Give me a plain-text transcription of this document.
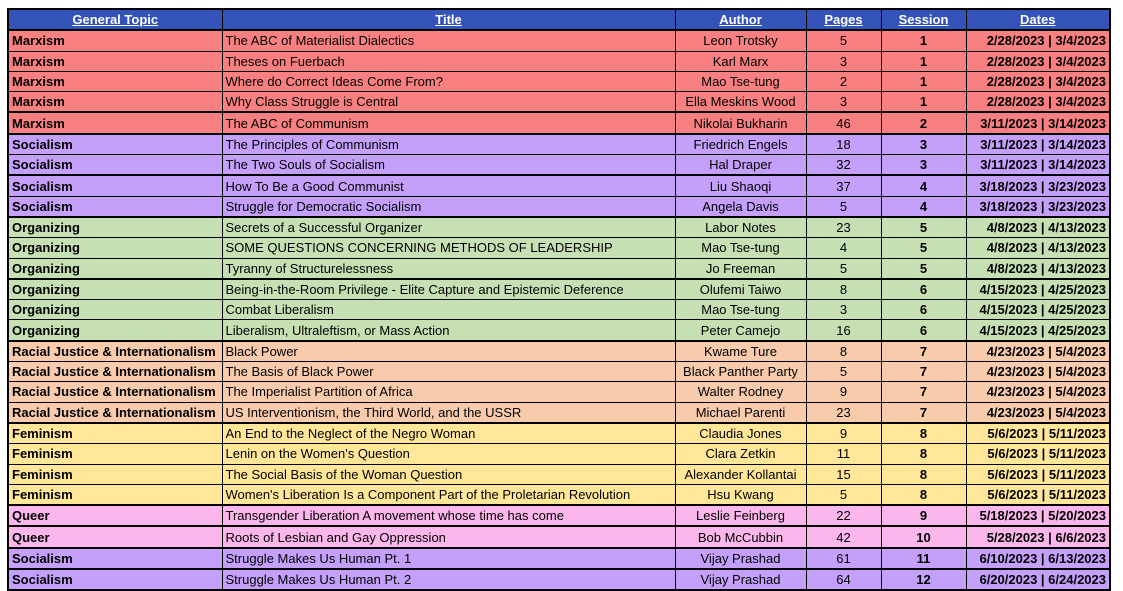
General Topic	Title	Author	Pages	Session	Dates
Marxism	The ABC of Materialist Dialectics	Leon Trotsky	5	1	2/28/2023 | 3/4/2023
Marxism	Theses on Fuerbach	Karl Marx	3	1	2/28/2023 | 3/4/2023
Marxism	Where do Correct Ideas Come From?	Mao Tse-tung	2	1	2/28/2023 | 3/4/2023
Marxism	Why Class Struggle is Central	Ella Meskins Wood	3	1	2/28/2023 | 3/4/2023
Marxism	The ABC of Communism	Nikolai Bukharin	46	2	3/11/2023 | 3/14/2023
Socialism	The Principles of Communism	Friedrich Engels	18	3	3/11/2023 | 3/14/2023
Socialism	The Two Souls of Socialism	Hal Draper	32	3	3/11/2023 | 3/14/2023
Socialism	How To Be a Good Communist	Liu Shaoqi	37	4	3/18/2023 | 3/23/2023
Socialism	Struggle for Democratic Socialism	Angela Davis	5	4	3/18/2023 | 3/23/2023
Organizing	Secrets of a Successful Organizer	Labor Notes	23	5	4/8/2023 | 4/13/2023
Organizing	SOME QUESTIONS CONCERNING METHODS OF LEADERSHIP	Mao Tse-tung	4	5	4/8/2023 | 4/13/2023
Organizing	Tyranny of Structurelessness	Jo Freeman	5	5	4/8/2023 | 4/13/2023
Organizing	Being-in-the-Room Privilege - Elite Capture and Epistemic Deference	Olufemi Taiwo	8	6	4/15/2023 | 4/25/2023
Organizing	Combat Liberalism	Mao Tse-tung	3	6	4/15/2023 | 4/25/2023
Organizing	Liberalism, Ultraleftism, or Mass Action	Peter Camejo	16	6	4/15/2023 | 4/25/2023
Racial Justice & Internationalism	Black Power	Kwame Ture	8	7	4/23/2023 | 5/4/2023
Racial Justice & Internationalism	The Basis of Black Power	Black Panther Party	5	7	4/23/2023 | 5/4/2023
Racial Justice & Internationalism	The Imperialist Partition of Africa	Walter Rodney	9	7	4/23/2023 | 5/4/2023
Racial Justice & Internationalism	US Interventionism, the Third World, and the USSR	Michael Parenti	23	7	4/23/2023 | 5/4/2023
Feminism	An End to the Neglect of the Negro Woman	Claudia Jones	9	8	5/6/2023 | 5/11/2023
Feminism	Lenin on the Women's Question	Clara Zetkin	11	8	5/6/2023 | 5/11/2023
Feminism	The Social Basis of the Woman Question	Alexander Kollantai	15	8	5/6/2023 | 5/11/2023
Feminism	Women's Liberation Is a Component Part of the Proletarian Revolution	Hsu Kwang	5	8	5/6/2023 | 5/11/2023
Queer	Transgender Liberation A movement whose time has come	Leslie Feinberg	22	9	5/18/2023 | 5/20/2023
Queer	Roots of Lesbian and Gay Oppression	Bob McCubbin	42	10	5/28/2023 | 6/6/2023
Socialism	Struggle Makes Us Human Pt. 1	Vijay Prashad	61	11	6/10/2023 | 6/13/2023
Socialism	Struggle Makes Us Human Pt. 2	Vijay Prashad	64	12	6/20/2023 | 6/24/2023
